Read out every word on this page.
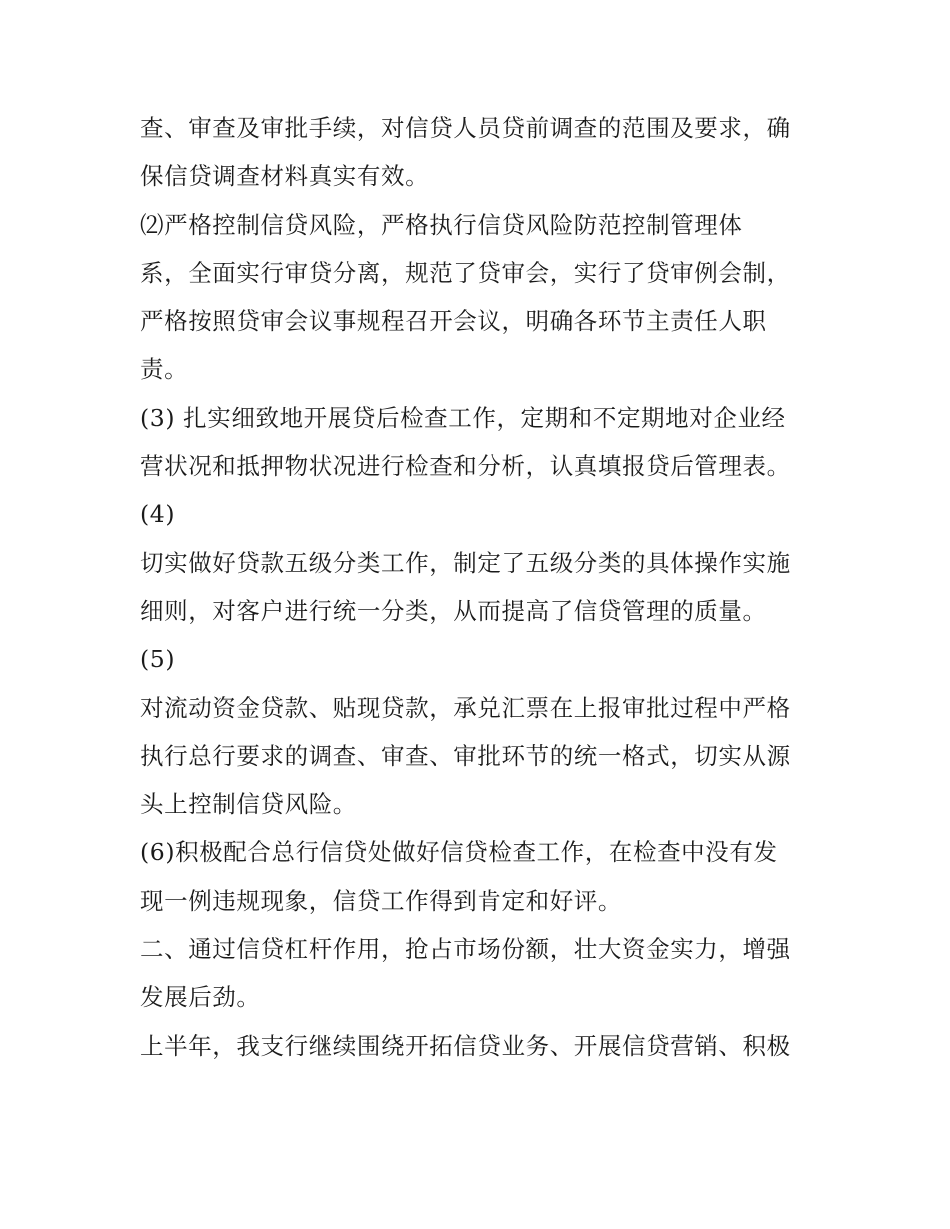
查、审查及审批手续，对信贷人员贷前调查的范围及要求，确
保信贷调查材料真实有效。
⑵严格控制信贷风险，严格执行信贷风险防范控制管理体
系，全面实行审贷分离，规范了贷审会，实行了贷审例会制，
严格按照贷审会议事规程召开会议，明确各环节主责任人职
责。
(3) 扎实细致地开展贷后检查工作，定期和不定期地对企业经
营状况和抵押物状况进行检查和分析，认真填报贷后管理表。
(4)
切实做好贷款五级分类工作，制定了五级分类的具体操作实施
细则，对客户进行统一分类，从而提高了信贷管理的质量。
(5)
对流动资金贷款、贴现贷款，承兑汇票在上报审批过程中严格
执行总行要求的调查、审查、审批环节的统一格式，切实从源
头上控制信贷风险。
(6)积极配合总行信贷处做好信贷检查工作，在检查中没有发
现一例违规现象，信贷工作得到肯定和好评。
二、通过信贷杠杆作用，抢占市场份额，壮大资金实力，增强
发展后劲。
上半年，我支行继续围绕开拓信贷业务、开展信贷营销、积极
